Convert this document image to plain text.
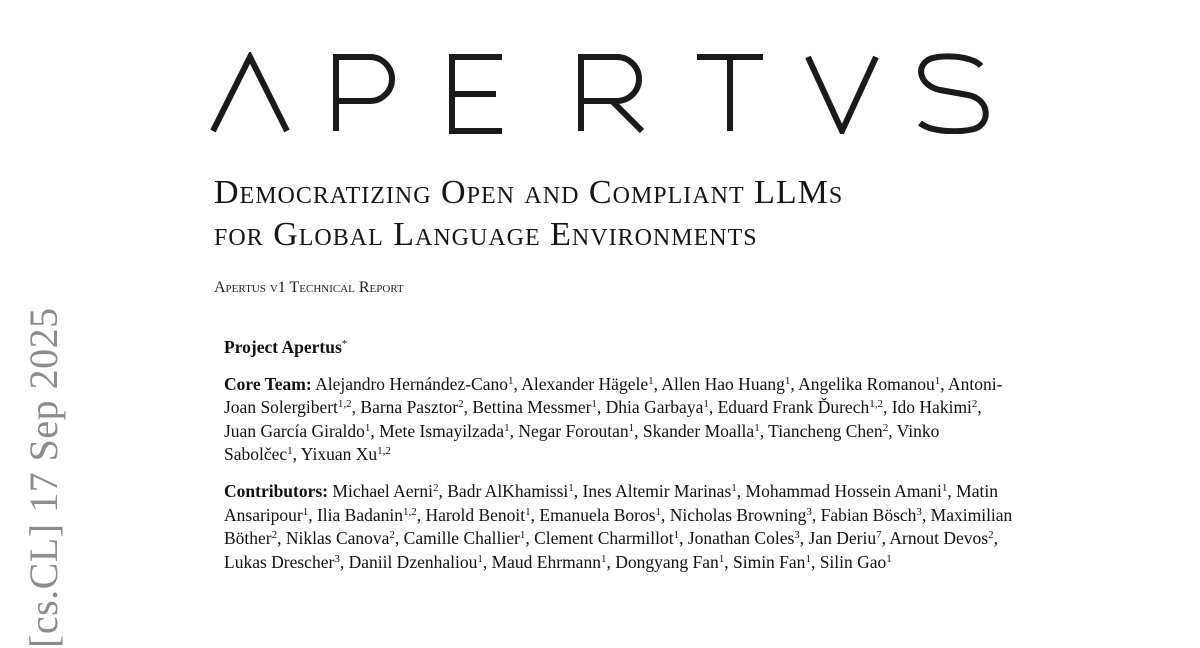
Democratizing Open and Compliant LLMs
for Global Language Environments
Apertus v1 Technical Report
[cs.CL] 17 Sep 2025	Project Apertus*

Core Team: Alejandro Hernández-Cano$^1$, Alexander Hägele$^1$, Allen Hao Huang$^1$, Angelika Romanou$^1$, Antoni-Joan Solergibert$^{1,2}$, Barna Pasztor$^2$, Bettina Messmer$^1$, Dhia Garbaya$^1$, Eduard Frank Ďurech$^{1,2}$, Ido Hakimi$^2$, Juan García Giraldo$^1$, Mete Ismayilzada$^1$, Negar Foroutan$^1$, Skander Moalla$^1$, Tiancheng Chen$^2$, Vinko Sabolčec$^1$, Yixuan Xu$^{1,2}$

Contributors: Michael Aerni$^2$, Badr AlKhamissi$^1$, Ines Altemir Marinas$^1$, Mohammad Hossein Amani$^1$, Matin Ansaripour$^1$, Ilia Badanin$^{1,2}$, Harold Benoit$^1$, Emanuela Boros$^1$, Nicholas Browning$^3$, Fabian Bösch$^3$, Maximilian Böther$^2$, Niklas Canova$^2$, Camille Challier$^1$, Clement Charmillot$^1$, Jonathan Coles$^3$, Jan Deriu$^7$, Arnout Devos$^2$, Lukas Drescher$^3$, Daniil Dzenhaliou$^1$, Maud Ehrmann$^1$, Dongyang Fan$^1$, Simin Fan$^1$, Silin Gao$^1$
